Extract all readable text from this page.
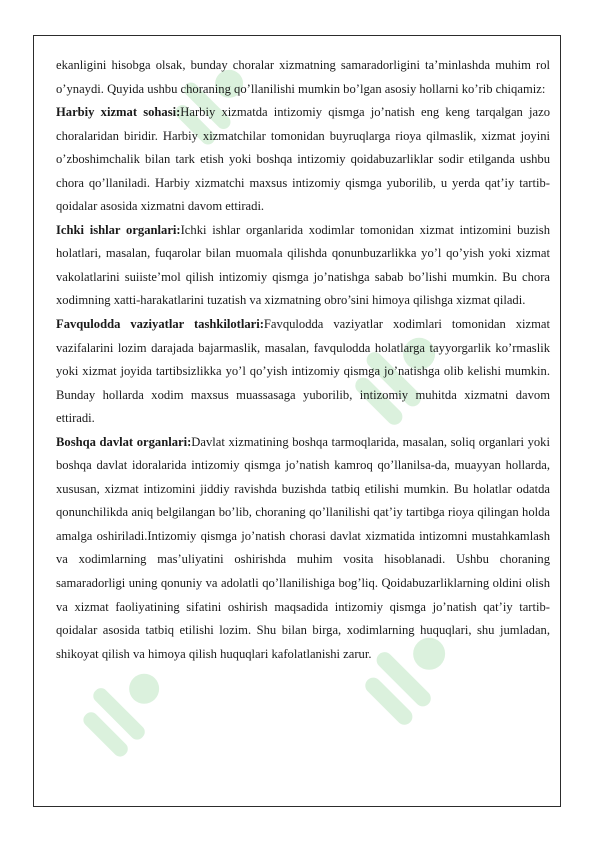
ekanligini hisobga olsak, bunday choralar xizmatning samaradorligini ta’minlashda muhim rol o’ynaydi. Quyida ushbu choraning qo’llanilishi mumkin bo’lgan asosiy hollarni ko’rib chiqamiz:

Harbiy xizmat sohasi:Harbiy xizmatda intizomiy qismga jo’natish eng keng tarqalgan jazo choralaridan biridir. Harbiy xizmatchilar tomonidan buyruqlarga rioya qilmaslik, xizmat joyini o’zboshimchalik bilan tark etish yoki boshqa intizomiy qoidabuzarliklar sodir etilganda ushbu chora qo’llaniladi. Harbiy xizmatchi maxsus intizomiy qismga yuborilib, u yerda qat’iy tartib-qoidalar asosida xizmatni davom ettiradi.

Ichki ishlar organlari:Ichki ishlar organlarida xodimlar tomonidan xizmat intizomini buzish holatlari, masalan, fuqarolar bilan muomala qilishda qonunbuzarlikka yo’l qo’yish yoki xizmat vakolatlarini suiiste’mol qilish intizomiy qismga jo’natishga sabab bo’lishi mumkin. Bu chora xodimning xatti-harakatlarini tuzatish va xizmatning obro’sini himoya qilishga xizmat qiladi.

Favqulodda vaziyatlar tashkilotlari:Favqulodda vaziyatlar xodimlari tomonidan xizmat vazifalarini lozim darajada bajarmaslik, masalan, favqulodda holatlarga tayyorgarlik ko’rmaslik yoki xizmat joyida tartibsizlikka yo’l qo’yish intizomiy qismga jo’natishga olib kelishi mumkin. Bunday hollarda xodim maxsus muassasaga yuborilib, intizomiy muhitda xizmatni davom ettiradi.

Boshqa davlat organlari:Davlat xizmatining boshqa tarmoqlarida, masalan, soliq organlari yoki boshqa davlat idoralarida intizomiy qismga jo’natish kamroq qo’llanilsa-da, muayyan hollarda, xususan, xizmat intizomini jiddiy ravishda buzishda tatbiq etilishi mumkin. Bu holatlar odatda qonunchilikda aniq belgilangan bo’lib, choraning qo’llanilishi qat’iy tartibga rioya qilingan holda amalga oshiriladi.Intizomiy qismga jo’natish chorasi davlat xizmatida intizomni mustahkamlash va xodimlarning mas’uliyatini oshirishda muhim vosita hisoblanadi. Ushbu choraning samaradorligi uning qonuniy va adolatli qo’llanilishiga bog’liq. Qoidabuzarliklarning oldini olish va xizmat faoliyatining sifatini oshirish maqsadida intizomiy qismga jo’natish qat’iy tartib-qoidalar asosida tatbiq etilishi lozim. Shu bilan birga, xodimlarning huquqlari, shu jumladan, shikoyat qilish va himoya qilish huquqlari kafolatlanishi zarur.
